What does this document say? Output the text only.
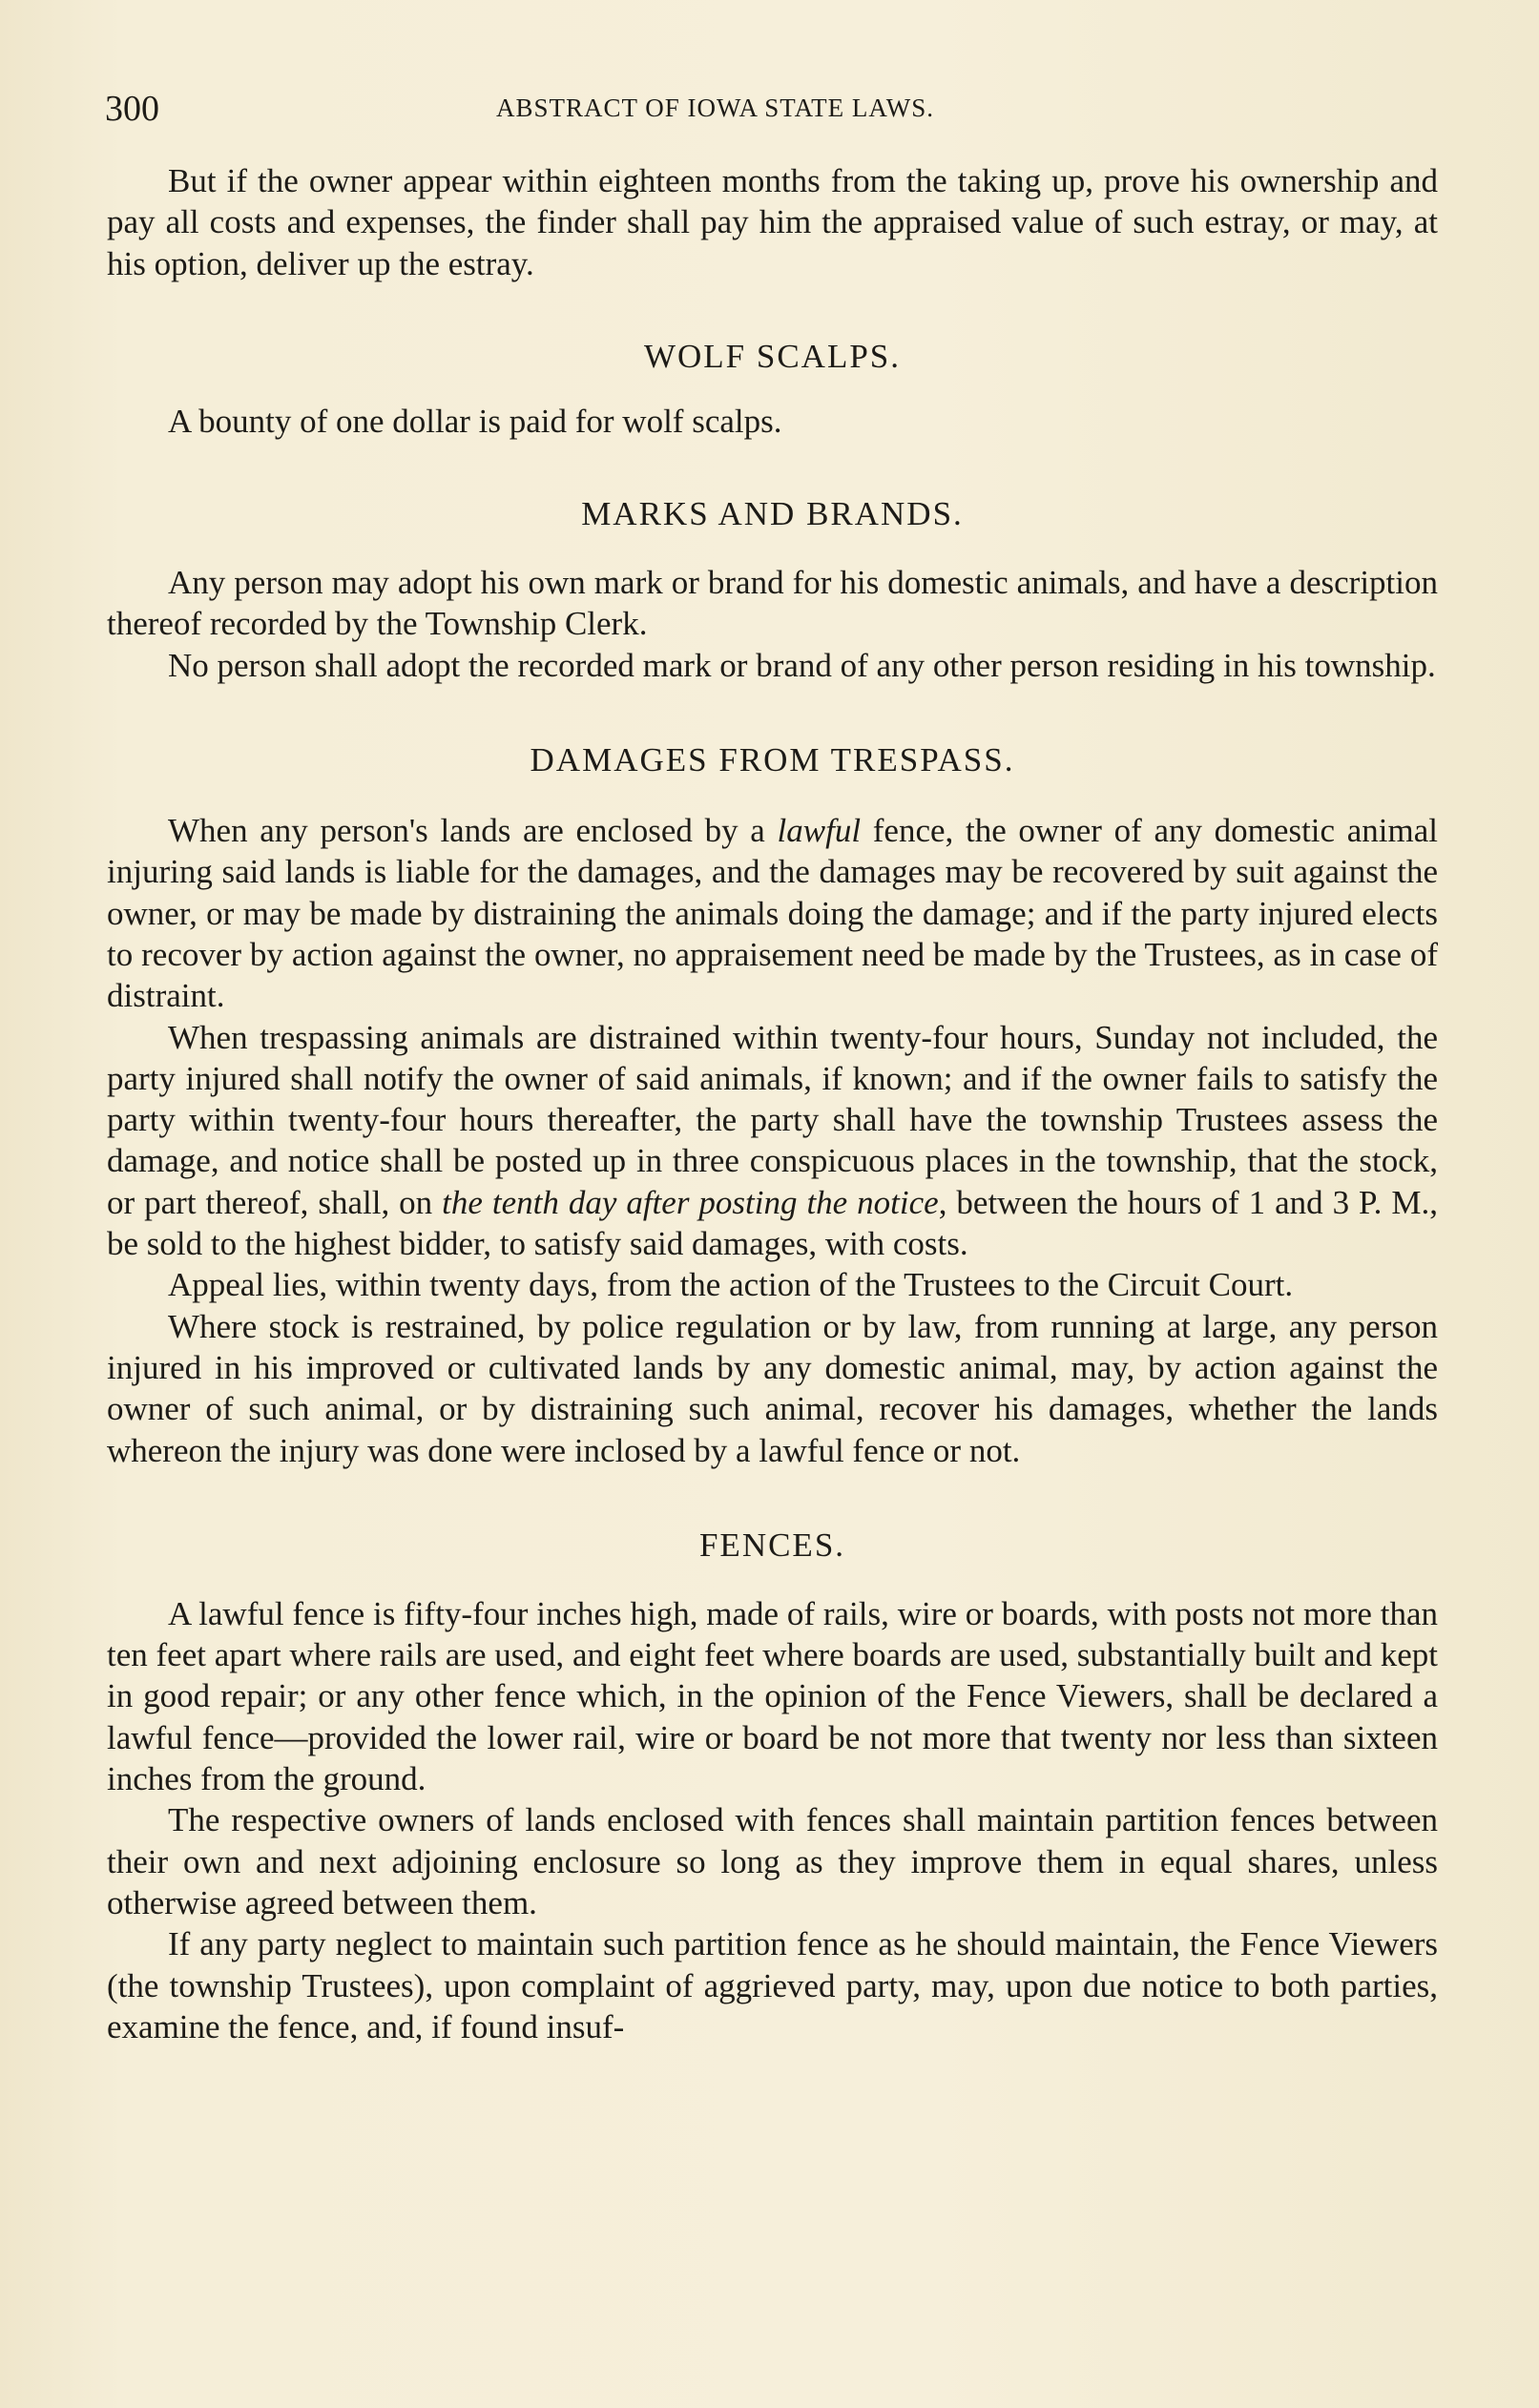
300	ABSTRACT OF IOWA STATE LAWS.

But if the owner appear within eighteen months from the taking up, prove his ownership and pay all costs and expenses, the finder shall pay him the appraised value of such estray, or may, at his option, deliver up the estray.

WOLF SCALPS.

A bounty of one dollar is paid for wolf scalps.

MARKS AND BRANDS.

Any person may adopt his own mark or brand for his domestic animals, and have a description thereof recorded by the Township Clerk.

No person shall adopt the recorded mark or brand of any other person residing in his township.

DAMAGES FROM TRESPASS.

When any person's lands are enclosed by a lawful fence, the owner of any domestic animal injuring said lands is liable for the damages, and the damages may be recovered by suit against the owner, or may be made by distraining the animals doing the damage; and if the party injured elects to recover by action against the owner, no appraisement need be made by the Trustees, as in case of distraint.

When trespassing animals are distrained within twenty-four hours, Sunday not included, the party injured shall notify the owner of said animals, if known; and if the owner fails to satisfy the party within twenty-four hours thereafter, the party shall have the township Trustees assess the damage, and notice shall be posted up in three conspicuous places in the township, that the stock, or part thereof, shall, on the tenth day after posting the notice, between the hours of 1 and 3 P. M., be sold to the highest bidder, to satisfy said damages, with costs.

Appeal lies, within twenty days, from the action of the Trustees to the Circuit Court.

Where stock is restrained, by police regulation or by law, from running at large, any person injured in his improved or cultivated lands by any domestic animal, may, by action against the owner of such animal, or by distraining such animal, recover his damages, whether the lands whereon the injury was done were inclosed by a lawful fence or not.

FENCES.

A lawful fence is fifty-four inches high, made of rails, wire or boards, with posts not more than ten feet apart where rails are used, and eight feet where boards are used, substantially built and kept in good repair; or any other fence which, in the opinion of the Fence Viewers, shall be declared a lawful fence—provided the lower rail, wire or board be not more that twenty nor less than sixteen inches from the ground.

The respective owners of lands enclosed with fences shall maintain partition fences between their own and next adjoining enclosure so long as they improve them in equal shares, unless otherwise agreed between them.

If any party neglect to maintain such partition fence as he should maintain, the Fence Viewers (the township Trustees), upon complaint of aggrieved party, may, upon due notice to both parties, examine the fence, and, if found insuf-
